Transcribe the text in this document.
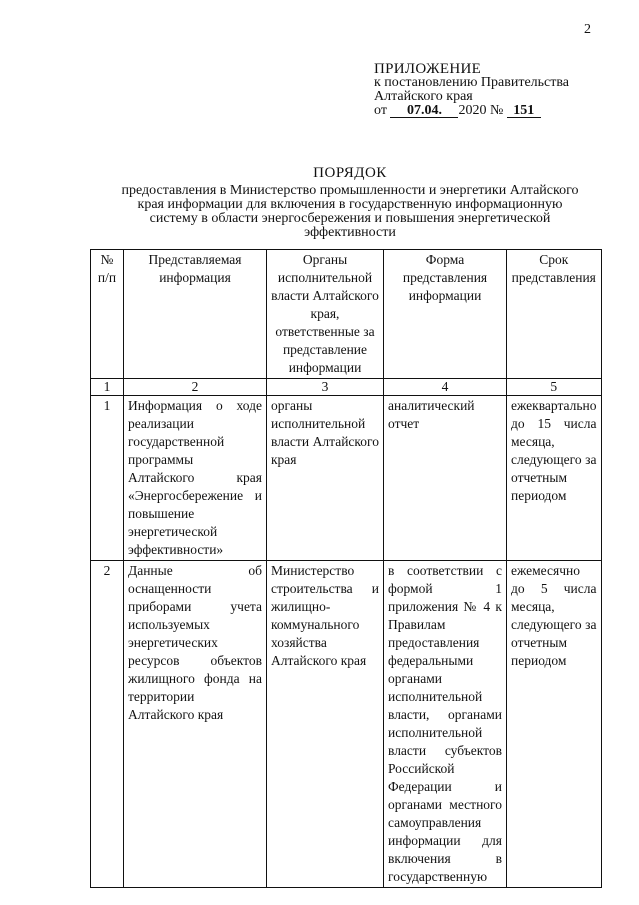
2
ПРИЛОЖЕНИЕ
к постановлению Правительства
Алтайского края
от 07.04. 2020 № 151
ПОРЯДОК
предоставления в Министерство промышленности и энергетики Алтайского
края информации для включения в государственную информационную
систему в области энергосбережения и повышения энергетической
эффективности
№ п/п	Представляемая информация	Органы исполнительной власти Алтайского края, ответственные за представление информации	Форма представления информации	Срок представления
1	2	3	4	5
1	Информация о ходе реализации государственной программы Алтайского края «Энергосбережение и повышение энергетической эффективности»	органы исполнительной власти Алтайского края	аналитический отчет	ежеквартально до 15 числа месяца, следующего за отчетным периодом
2	Данные об оснащенности приборами учета используемых энергетических ресурсов объектов жилищного фонда на территории Алтайского края	Министерство строительства и жилищно-коммунального хозяйства Алтайского края	в соответствии с формой 1 приложения № 4 к Правилам предоставления федеральными органами исполнительной власти, органами исполнительной власти субъектов Российской Федерации и органами местного самоуправления информации для включения в государственную	ежемесячно до 5 числа месяца, следующего за отчетным периодом
